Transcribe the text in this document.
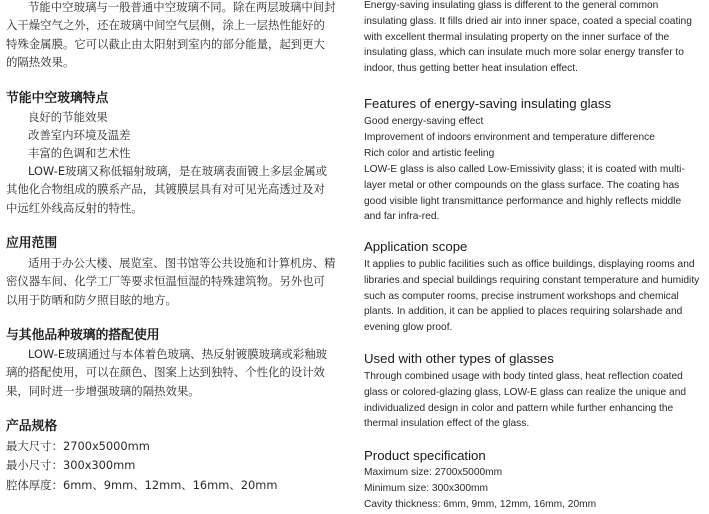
节能中空玻璃与一般普通中空玻璃不同。除在两层玻璃中间封入干燥空气之外，还在玻璃中间空气层侧，涂上一层热性能好的特殊金属膜。它可以截止由太阳射到室内的部分能量，起到更大的隔热效果。

节能中空玻璃特点

良好的节能效果

改善室内环境及温差

丰富的色调和艺术性

LOW-E玻璃又称低辐射玻璃，是在玻璃表面镀上多层金属或其他化合物组成的膜系产品，其镀膜层具有对可见光高透过及对中远红外线高反射的特性。

应用范围

适用于办公大楼、展览室、图书馆等公共设施和计算机房、精密仪器车间、化学工厂等要求恒温恒湿的特殊建筑物。另外也可以用于防晒和防夕照目眩的地方。

与其他品种玻璃的搭配使用

LOW-E玻璃通过与本体着色玻璃、热反射镀膜玻璃或彩釉玻璃的搭配使用，可以在颜色、图案上达到独特、个性化的设计效果，同时进一步增强玻璃的隔热效果。

产品规格

最大尺寸：2700x5000mm

最小尺寸：300x300mm

腔体厚度：6mm、9mm、12mm、16mm、20mm

Energy-saving insulating glass is different to the general common insulating glass. It fills dried air into inner space, coated a special coating with excellent thermal insulating property on the inner surface of the insulating glass, which can insulate much more solar energy transfer to indoor, thus getting better heat insulation effect.

Features of energy-saving insulating glass

Good energy-saving effect

Improvement of indoors environment and temperature difference

Rich color and artistic feeling

LOW-E glass is also called Low-Emissivity glass; it is coated with multi-layer metal or other compounds on the glass surface. The coating has good visible light transmittance performance and highly reflects middle and far infra-red.

Application scope

It applies to public facilities such as office buildings, displaying rooms and libraries and special buildings requiring constant temperature and humidity such as computer rooms, precise instrument workshops and chemical plants. In addition, it can be applied to places requiring solarshade and evening glow proof.

Used with other types of glasses

Through combined usage with body tinted glass, heat reflection coated glass or colored-glazing glass, LOW-E glass can realize the unique and individualized design in color and pattern while further enhancing the thermal insulation effect of the glass.

Product specification

Maximum size: 2700x5000mm

Minimum size: 300x300mm

Cavity thickness: 6mm, 9mm, 12mm, 16mm, 20mm
